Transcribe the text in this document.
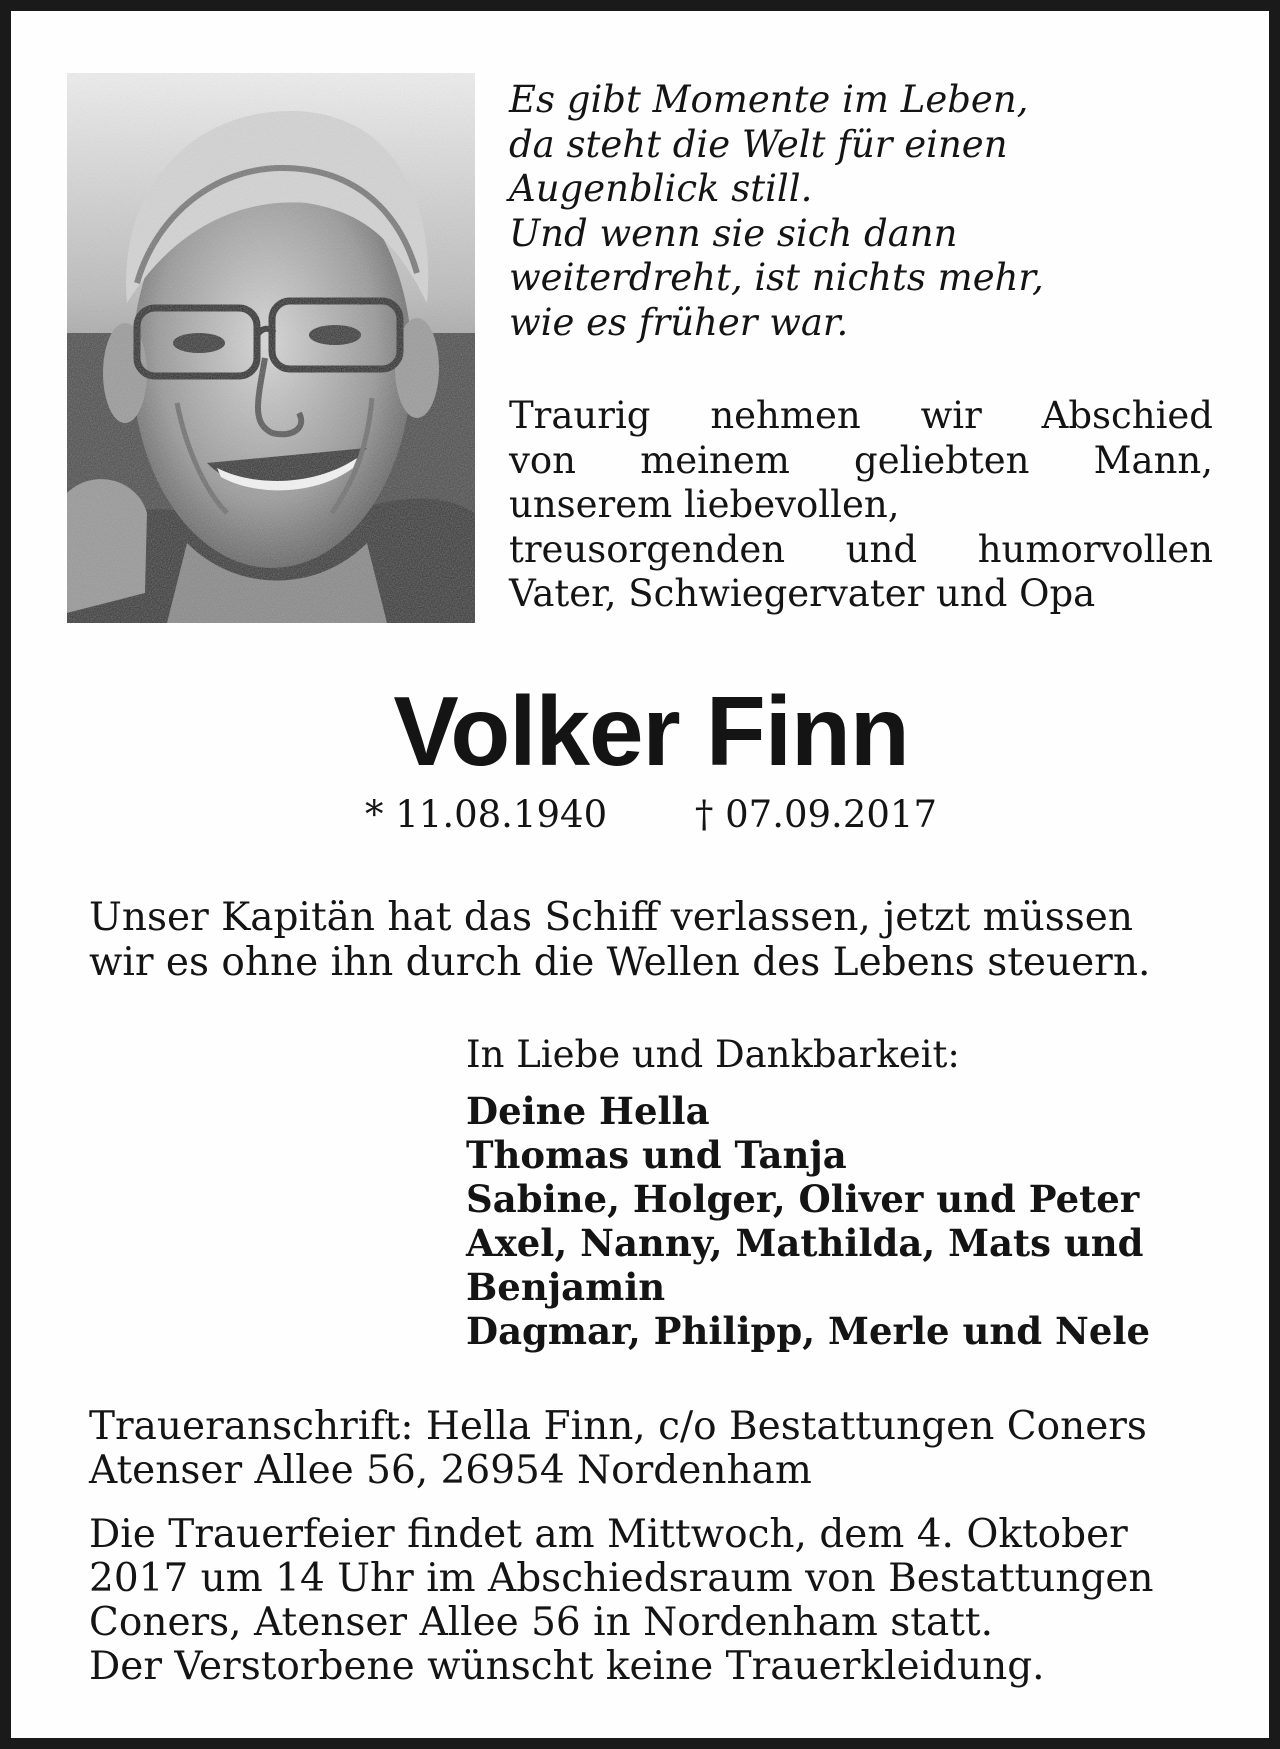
Es gibt Momente im Leben,
da steht die Welt für einen
Augenblick still.
Und wenn sie sich dann
weiterdreht, ist nichts mehr,
wie es früher war.
Traurig nehmen wir Abschied
von meinem geliebten Mann,
unserem liebevollen,
treusorgenden und humorvollen
Vater, Schwiegervater und Opa
Volker Finn
* 11.08.1940 † 07.09.2017
Unser Kapitän hat das Schiff verlassen, jetzt müssen
wir es ohne ihn durch die Wellen des Lebens steuern.
In Liebe und Dankbarkeit:
Deine Hella
Thomas und Tanja
Sabine, Holger, Oliver und Peter
Axel, Nanny, Mathilda, Mats und
Benjamin
Dagmar, Philipp, Merle und Nele
Traueranschrift: Hella Finn, c/o Bestattungen Coners
Atenser Allee 56, 26954 Nordenham
Die Trauerfeier findet am Mittwoch, dem 4. Oktober
2017 um 14 Uhr im Abschiedsraum von Bestattungen
Coners, Atenser Allee 56 in Nordenham statt.
Der Verstorbene wünscht keine Trauerkleidung.
